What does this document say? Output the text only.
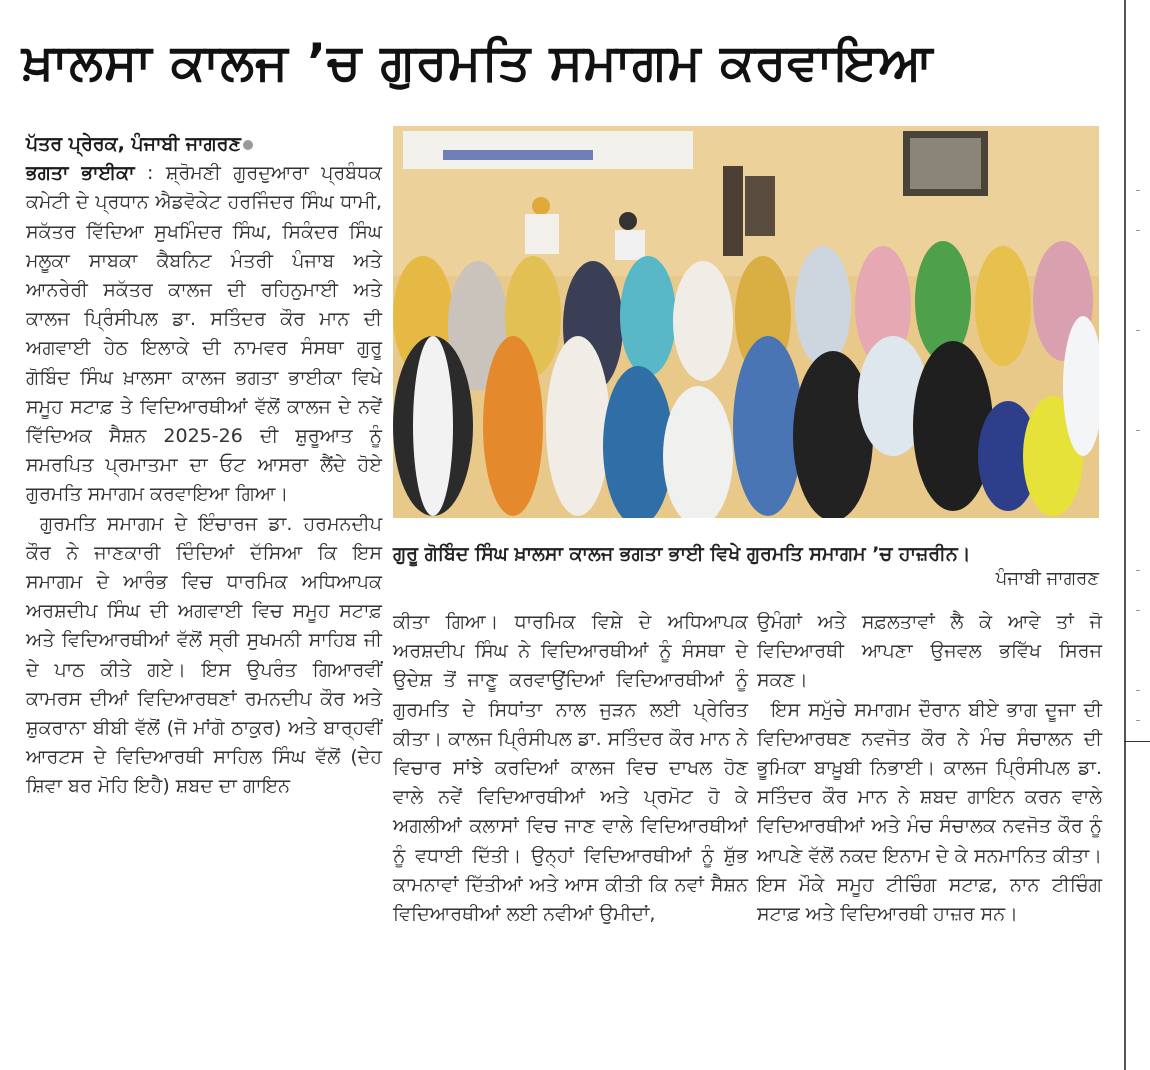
ਖ਼ਾਲਸਾ ਕਾਲਜ ’ਚ ਗੁਰਮਤਿ ਸਮਾਗਮ ਕਰਵਾਇਆ
ਪੱਤਰ ਪ੍ਰੇਰਕ, ਪੰਜਾਬੀ ਜਾਗਰਣ

ਭਗਤਾ ਭਾਈਕਾ : ਸ਼੍ਰੋਮਣੀ ਗੁਰਦੁਆਰਾ ਪ੍ਰਬੰਧਕ ਕਮੇਟੀ ਦੇ ਪ੍ਰਧਾਨ ਐਡਵੋਕੇਟ ਹਰਜਿੰਦਰ ਸਿੰਘ ਧਾਮੀ, ਸਕੱਤਰ ਵਿੱਦਿਆ ਸੁਖਮਿੰਦਰ ਸਿੰਘ, ਸਿਕੰਦਰ ਸਿੰਘ ਮਲੂਕਾ ਸਾਬਕਾ ਕੈਬਨਿਟ ਮੰਤਰੀ ਪੰਜਾਬ ਅਤੇ ਆਨਰੇਰੀ ਸਕੱਤਰ ਕਾਲਜ ਦੀ ਰਹਿਨੁਮਾਈ ਅਤੇ ਕਾਲਜ ਪ੍ਰਿੰਸੀਪਲ ਡਾ. ਸਤਿੰਦਰ ਕੌਰ ਮਾਨ ਦੀ ਅਗਵਾਈ ਹੇਠ ਇਲਾਕੇ ਦੀ ਨਾਮਵਰ ਸੰਸਥਾ ਗੁਰੂ ਗੋਬਿੰਦ ਸਿੰਘ ਖ਼ਾਲਸਾ ਕਾਲਜ ਭਗਤਾ ਭਾਈਕਾ ਵਿਖੇ ਸਮੂਹ ਸਟਾਫ਼ ਤੇ ਵਿਦਿਆਰਥੀਆਂ ਵੱਲੋਂ ਕਾਲਜ ਦੇ ਨਵੇਂ ਵਿੱਦਿਅਕ ਸੈਸ਼ਨ 2025-26 ਦੀ ਸ਼ੁਰੂਆਤ ਨੂੰ ਸਮਰਪਿਤ ਪ੍ਰਮਾਤਮਾ ਦਾ ਓਟ ਆਸਰਾ ਲੈਂਦੇ ਹੋਏ ਗੁਰਮਤਿ ਸਮਾਗਮ ਕਰਵਾਇਆ ਗਿਆ।

ਗੁਰਮਤਿ ਸਮਾਗਮ ਦੇ ਇੰਚਾਰਜ ਡਾ. ਹਰਮਨਦੀਪ ਕੌਰ ਨੇ ਜਾਣਕਾਰੀ ਦਿੰਦਿਆਂ ਦੱਸਿਆ ਕਿ ਇਸ ਸਮਾਗਮ ਦੇ ਆਰੰਭ ਵਿਚ ਧਾਰਮਿਕ ਅਧਿਆਪਕ ਅਰਸ਼ਦੀਪ ਸਿੰਘ ਦੀ ਅਗਵਾਈ ਵਿਚ ਸਮੂਹ ਸਟਾਫ਼ ਅਤੇ ਵਿਦਿਆਰਥੀਆਂ ਵੱਲੋਂ ਸ੍ਰੀ ਸੁਖਮਨੀ ਸਾਹਿਬ ਜੀ ਦੇ ਪਾਠ ਕੀਤੇ ਗਏ। ਇਸ ਉਪਰੰਤ ਗਿਆਰਵੀਂ ਕਾਮਰਸ ਦੀਆਂ ਵਿਦਿਆਰਥਣਾਂ ਰਮਨਦੀਪ ਕੌਰ ਅਤੇ ਸ਼ੁਕਰਾਨਾ ਬੀਬੀ ਵੱਲੋਂ (ਜੋ ਮਾਂਗੋ ਠਾਕੁਰ) ਅਤੇ ਬਾਰ੍ਹਵੀਂ ਆਰਟਸ ਦੇ ਵਿਦਿਆਰਥੀ ਸਾਹਿਲ ਸਿੰਘ ਵੱਲੋਂ (ਦੇਹ ਸ਼ਿਵਾ ਬਰ ਮੋਹਿ ਇਹੈ) ਸ਼ਬਦ ਦਾ ਗਾਇਨ

ਗੁਰੂ ਗੋਬਿੰਦ ਸਿੰਘ ਖ਼ਾਲਸਾ ਕਾਲਜ ਭਗਤਾ ਭਾਈ ਵਿਖੇ ਗੁਰਮਤਿ ਸਮਾਗਮ ’ਚ ਹਾਜ਼ਰੀਨ।
ਪੰਜਾਬੀ ਜਾਗਰਣ

ਕੀਤਾ ਗਿਆ। ਧਾਰਮਿਕ ਵਿਸ਼ੇ ਦੇ ਅਧਿਆਪਕ ਅਰਸ਼ਦੀਪ ਸਿੰਘ ਨੇ ਵਿਦਿਆਰਥੀਆਂ ਨੂੰ ਸੰਸਥਾ ਦੇ ਉਦੇਸ਼ ਤੋਂ ਜਾਣੂ ਕਰਵਾਉਂਦਿਆਂ ਵਿਦਿਆਰਥੀਆਂ ਨੂੰ ਗੁਰਮਤਿ ਦੇ ਸਿਧਾਂਤਾ ਨਾਲ ਜੁੜਨ ਲਈ ਪ੍ਰੇਰਿਤ ਕੀਤਾ। ਕਾਲਜ ਪ੍ਰਿੰਸੀਪਲ ਡਾ. ਸਤਿੰਦਰ ਕੌਰ ਮਾਨ ਨੇ ਵਿਚਾਰ ਸਾਂਝੇ ਕਰਦਿਆਂ ਕਾਲਜ ਵਿਚ ਦਾਖਲ ਹੋਣ ਵਾਲੇ ਨਵੇਂ ਵਿਦਿਆਰਥੀਆਂ ਅਤੇ ਪ੍ਰਮੋਟ ਹੋ ਕੇ ਅਗਲੀਆਂ ਕਲਾਸਾਂ ਵਿਚ ਜਾਣ ਵਾਲੇ ਵਿਦਿਆਰਥੀਆਂ ਨੂੰ ਵਧਾਈ ਦਿੱਤੀ। ਉਨ੍ਹਾਂ ਵਿਦਿਆਰਥੀਆਂ ਨੂੰ ਸ਼ੁੱਭ ਕਾਮਨਾਵਾਂ ਦਿੱਤੀਆਂ ਅਤੇ ਆਸ ਕੀਤੀ ਕਿ ਨਵਾਂ ਸੈਸ਼ਨ ਵਿਦਿਆਰਥੀਆਂ ਲਈ ਨਵੀਆਂ ਉਮੀਦਾਂ,

ਉਮੰਗਾਂ ਅਤੇ ਸਫ਼ਲਤਾਵਾਂ ਲੈ ਕੇ ਆਵੇ ਤਾਂ ਜੋ ਵਿਦਿਆਰਥੀ ਆਪਣਾ ਉਜਵਲ ਭਵਿੱਖ ਸਿਰਜ ਸਕਣ।

ਇਸ ਸਮੁੱਚੇ ਸਮਾਗਮ ਦੌਰਾਨ ਬੀਏ ਭਾਗ ਦੂਜਾ ਦੀ ਵਿਦਿਆਰਥਣ ਨਵਜੋਤ ਕੌਰ ਨੇ ਮੰਚ ਸੰਚਾਲਨ ਦੀ ਭੂਮਿਕਾ ਬਾਖ਼ੂਬੀ ਨਿਭਾਈ। ਕਾਲਜ ਪ੍ਰਿੰਸੀਪਲ ਡਾ. ਸਤਿੰਦਰ ਕੌਰ ਮਾਨ ਨੇ ਸ਼ਬਦ ਗਾਇਨ ਕਰਨ ਵਾਲੇ ਵਿਦਿਆਰਥੀਆਂ ਅਤੇ ਮੰਚ ਸੰਚਾਲਕ ਨਵਜੋਤ ਕੌਰ ਨੂੰ ਆਪਣੇ ਵੱਲੋਂ ਨਕਦ ਇਨਾਮ ਦੇ ਕੇ ਸਨਮਾਨਿਤ ਕੀਤਾ। ਇਸ ਮੌਕੇ ਸਮੂਹ ਟੀਚਿੰਗ ਸਟਾਫ਼, ਨਾਨ ਟੀਚਿੰਗ ਸਟਾਫ਼ ਅਤੇ ਵਿਦਿਆਰਥੀ ਹਾਜ਼ਰ ਸਨ।
